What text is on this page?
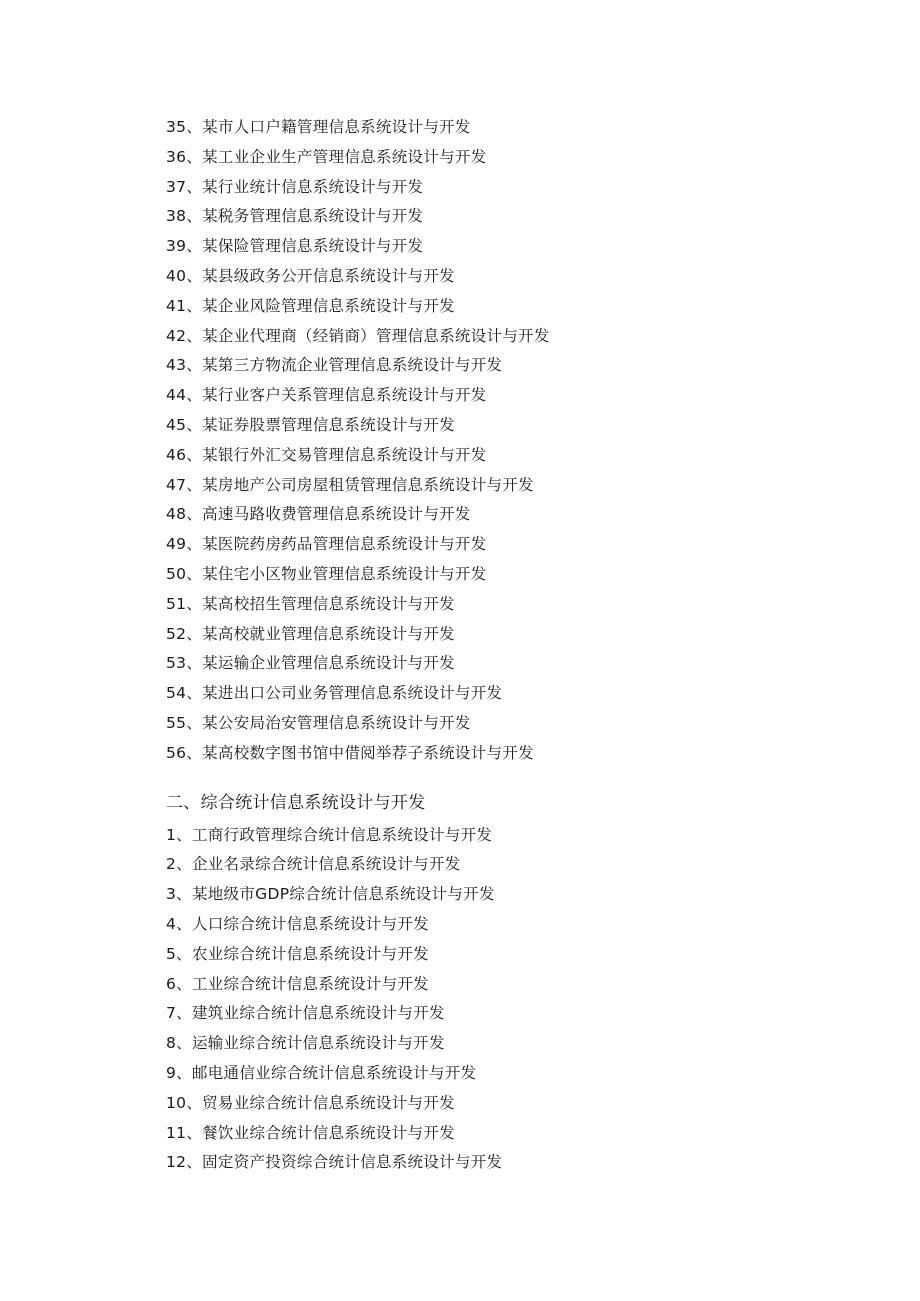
35、某市人口户籍管理信息系统设计与开发
36、某工业企业生产管理信息系统设计与开发
37、某行业统计信息系统设计与开发
38、某税务管理信息系统设计与开发
39、某保险管理信息系统设计与开发
40、某县级政务公开信息系统设计与开发
41、某企业风险管理信息系统设计与开发
42、某企业代理商（经销商）管理信息系统设计与开发
43、某第三方物流企业管理信息系统设计与开发
44、某行业客户关系管理信息系统设计与开发
45、某证券股票管理信息系统设计与开发
46、某银行外汇交易管理信息系统设计与开发
47、某房地产公司房屋租赁管理信息系统设计与开发
48、高速马路收费管理信息系统设计与开发
49、某医院药房药品管理信息系统设计与开发
50、某住宅小区物业管理信息系统设计与开发
51、某高校招生管理信息系统设计与开发
52、某高校就业管理信息系统设计与开发
53、某运输企业管理信息系统设计与开发
54、某进出口公司业务管理信息系统设计与开发
55、某公安局治安管理信息系统设计与开发
56、某高校数字图书馆中借阅举荐子系统设计与开发
二、综合统计信息系统设计与开发
1、工商行政管理综合统计信息系统设计与开发
2、企业名录综合统计信息系统设计与开发
3、某地级市GDP综合统计信息系统设计与开发
4、人口综合统计信息系统设计与开发
5、农业综合统计信息系统设计与开发
6、工业综合统计信息系统设计与开发
7、建筑业综合统计信息系统设计与开发
8、运输业综合统计信息系统设计与开发
9、邮电通信业综合统计信息系统设计与开发
10、贸易业综合统计信息系统设计与开发
11、餐饮业综合统计信息系统设计与开发
12、固定资产投资综合统计信息系统设计与开发
